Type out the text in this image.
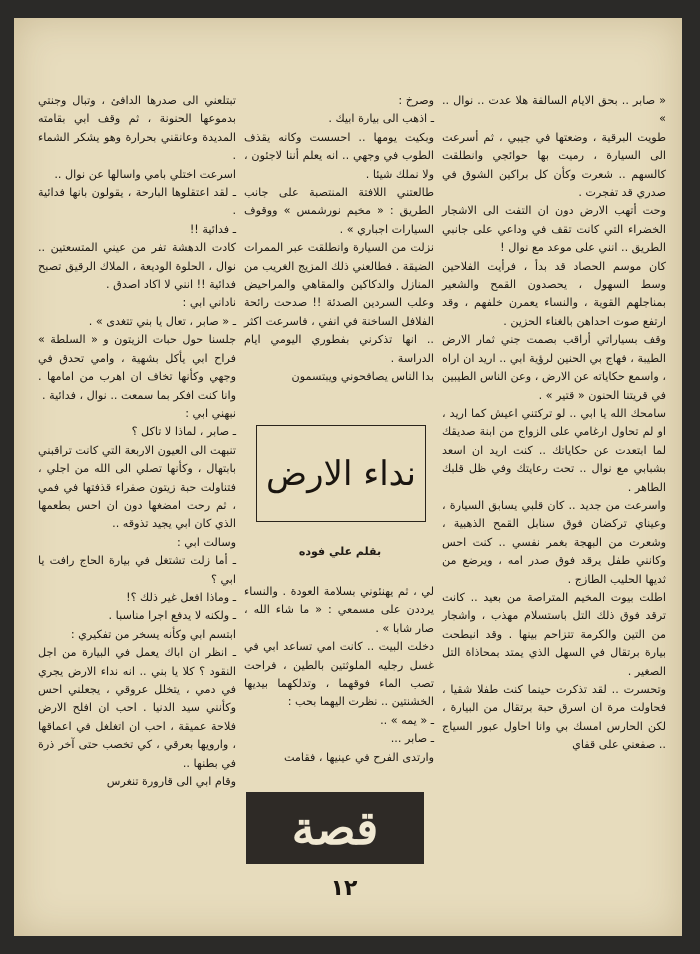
« صابر .. بحق الايام السالفة هلا عدت .. نوال .. »

طويت البرقية ، وضعتها في جيبي ، ثم أسرعت الى السيارة ، رميت بها حوائجي وانطلقت كالسهم .. شعرت وكأن كل براكين الشوق في صدري قد تفجرت .

وحت أتهب الارض دون ان التفت الى الاشجار الخضراء التي كانت تقف في وداعي على جانبي الطريق .. انني على موعد مع نوال !

كان موسم الحصاد قد بدأ ، فرأيت الفلاحين وسط السهول ، يحصدون القمح والشعير بمناجلهم القوية ، والنساء يعمرن خلفهم ، وقد ارتفع صوت احداهن بالغناء الحزين .

وقف بسياراتي أراقب بصمت جني ثمار الارض الطيبة ، فهاج بي الحنين لرؤية ابي .. اريد ان اراه ، واسمع حكاياته عن الارض ، وعن الناس الطيبين في قريتنا الحنون « قتير » .

سامحك الله يا ابي .. لو تركتني اعيش كما اريد ، او لم تحاول ارغامي على الزواج من ابنة صديقك لما ابتعدت عن حكاياتك .. كنت اريد ان اسعد بشبابي مع نوال .. تحت رعايتك وفي ظل قلبك الطاهر .

واسرعت من جديد .. كان قلبي يسابق السيارة ، وعيناي تركضان فوق سنابل القمح الذهبية ، وشعرت من البهجة بغمر نفسي .. كنت احس وكانني طفل يرقد فوق صدر امه ، ويرضع من ثديها الحليب الطازج .

اطلت بيوت المخيم المتراصة من بعيد .. كانت ترقد فوق ذلك التل باستسلام مهذب ، واشجار من التين والكرمة تتزاحم بينها . وقد انبطحت بيارة برتقال في السهل الذي يمتد بمحاذاة التل الصغير .

وتحسرت .. لقد تذكرت حينما كنت طفلا شقيا ، فحاولت مرة ان اسرق حبة برتقال من البيارة ، لكن الحارس امسك بي وانا احاول عبور السياج .. صفعني على قفاي

وصرخ :

ـ اذهب الى بيارة ابيك .

وبكيت يومها .. احسست وكانه يقذف الطوب في وجهي .. انه يعلم أننا لاجئون ، ولا نملك شيئا .

طالعتني اللافتة المنتصبة على جانب الطريق : « مخيم نورشمس » ووقوف السيارات اجباري » .

نزلت من السيارة وانطلقت عبر الممرات الضيقة . فطالعني ذلك المزيج الغريب من المنازل والدكاكين والمقاهي والمراحيض وعلب السردين الصدئة !! صدحت رائحة الفلافل الساخنة في انفي ، فاسرعت اكثر .. انها تذكرني بفطوري اليومي ايام الدراسة .

بدا الناس يصافحوني ويبتسمون

نداء الارض
بقلم علي فوده

لي ، ثم يهنئوني بسلامة العودة . والنساء يرددن على مسمعي : « ما شاء الله ، صار شابا » .

دخلت البيت .. كانت امي تساعد ابي في غسل رجليه الملوثتين بالطين ، فراحت تصب الماء فوقهما ، وتدلكهما بيديها الخشنتين .. نظرت اليهما بحب :

ـ « يمه » ..

ـ صابر ...

وارتدى الفرح في عينيها ، فقامت

قصة

تبتلعني الى صدرها الدافئ ، وتبال وجنتي بدموعها الحنونة ، ثم وقف ابي بقامته المديدة وعانقني بحرارة وهو يشكر الشماء .

اسرعت اختلي بامي واسالها عن نوال ..

ـ لقد اعتقلوها البارحة ، يقولون بانها فدائية .

ـ فدائية !!

كادت الدهشة تفر من عيني المتسعتين .. نوال ، الحلوة الوديعة ، الملاك الرقيق تصبح فدائية !! انني لا اكاد اصدق .

ناداني ابي :

ـ « صابر ، تعال يا بني تتغدى » .

جلسنا حول حبات الزيتون و « السلطة » فراح ابي يأكل بشهية ، وامي تحدق في وجهي وكأنها تخاف ان اهرب من امامها . وانا كنت افكر بما سمعت .. نوال ، فدائية .

نبهني ابي :

ـ صابر ، لماذا لا تاكل ؟

تنبهت الى العيون الاربعة التي كانت تراقبني بابتهال ، وكأنها تصلي الى الله من اجلي ، فتناولت حبة زيتون صفراء قذفتها في فمي ، ثم رحت امضغها دون ان احس بطعمها الذي كان ابي يجيد تذوقه ..

وسالت ابي :

ـ أما زلت تشتغل في بيارة الحاج رافت يا ابي ؟

ـ وماذا افعل غير ذلك ؟!

ـ ولكنه لا يدفع اجرا مناسبا .

ابتسم ابي وكأنه يسخر من تفكيري :

ـ انظر ان اباك يعمل في البيارة من اجل النقود ؟ كلا يا بني .. انه نداء الارض يجري في دمي ، يتخلل عروقي ، يجعلني احس وكأنني سيد الدنيا . احب ان افلح الارض فلاحة عميقة ، احب ان اتغلغل في اعماقها ، وارويها بعرقي ، كي تخصب حتى آخر ذرة في بطنها ..

وقام ابي الى قارورة تنغرس

١٢
